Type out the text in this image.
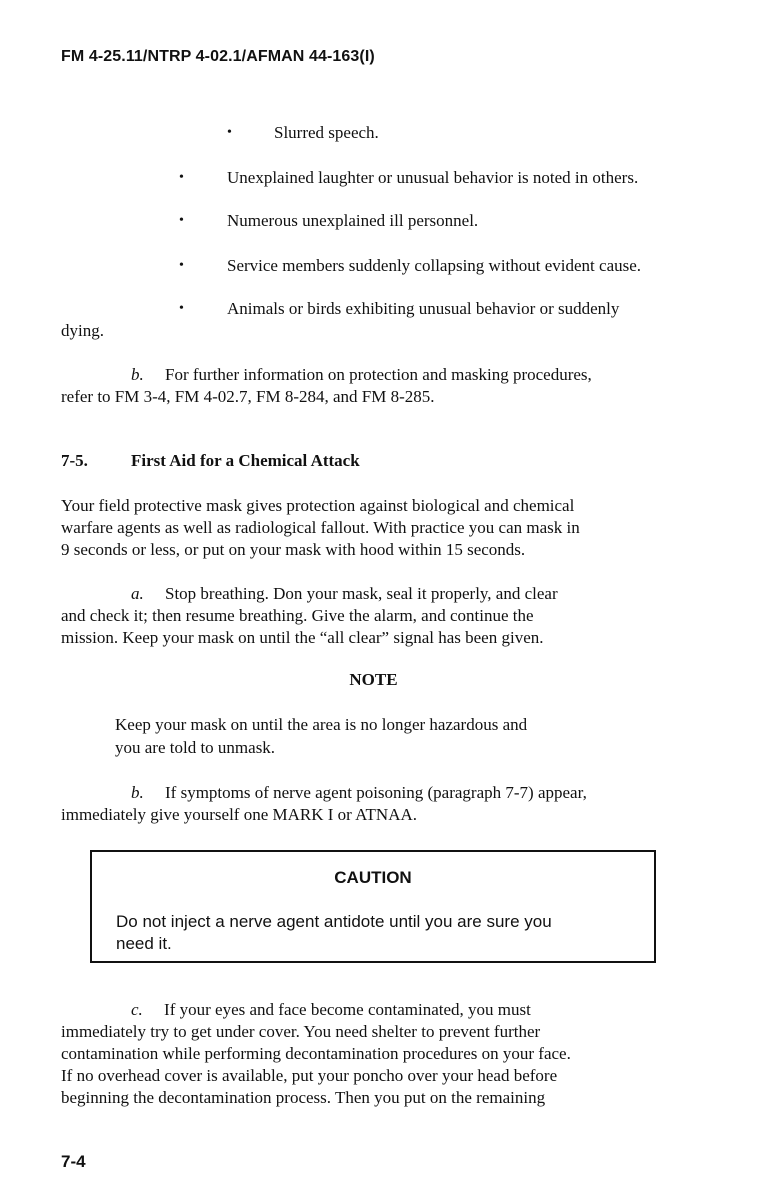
FM 4-25.11/NTRP 4-02.1/AFMAN 44-163(I)
• Slurred speech.
•	Unexplained laughter or unusual behavior is noted in others.
•	Numerous unexplained ill personnel.
•	Service members suddenly collapsing without evident cause.
•	Animals or birds exhibiting unusual behavior or suddenly
dying.
b. For further information on protection and masking procedures,
refer to FM 3-4, FM 4-02.7, FM 8-284, and FM 8-285.
7-5.	First Aid for a Chemical Attack
Your field protective mask gives protection against biological and chemical
warfare agents as well as radiological fallout. With practice you can mask in
9 seconds or less, or put on your mask with hood within 15 seconds.
a. Stop breathing. Don your mask, seal it properly, and clear
and check it; then resume breathing. Give the alarm, and continue the
mission. Keep your mask on until the “all clear” signal has been given.
NOTE
Keep your mask on until the area is no longer hazardous and
you are told to unmask.
b. If symptoms of nerve agent poisoning (paragraph 7-7) appear,
immediately give yourself one MARK I or ATNAA.
CAUTION
Do not inject a nerve agent antidote until you are sure you
need it.
c. If your eyes and face become contaminated, you must
immediately try to get under cover. You need shelter to prevent further
contamination while performing decontamination procedures on your face.
If no overhead cover is available, put your poncho over your head before
beginning the decontamination process. Then you put on the remaining
7-4
